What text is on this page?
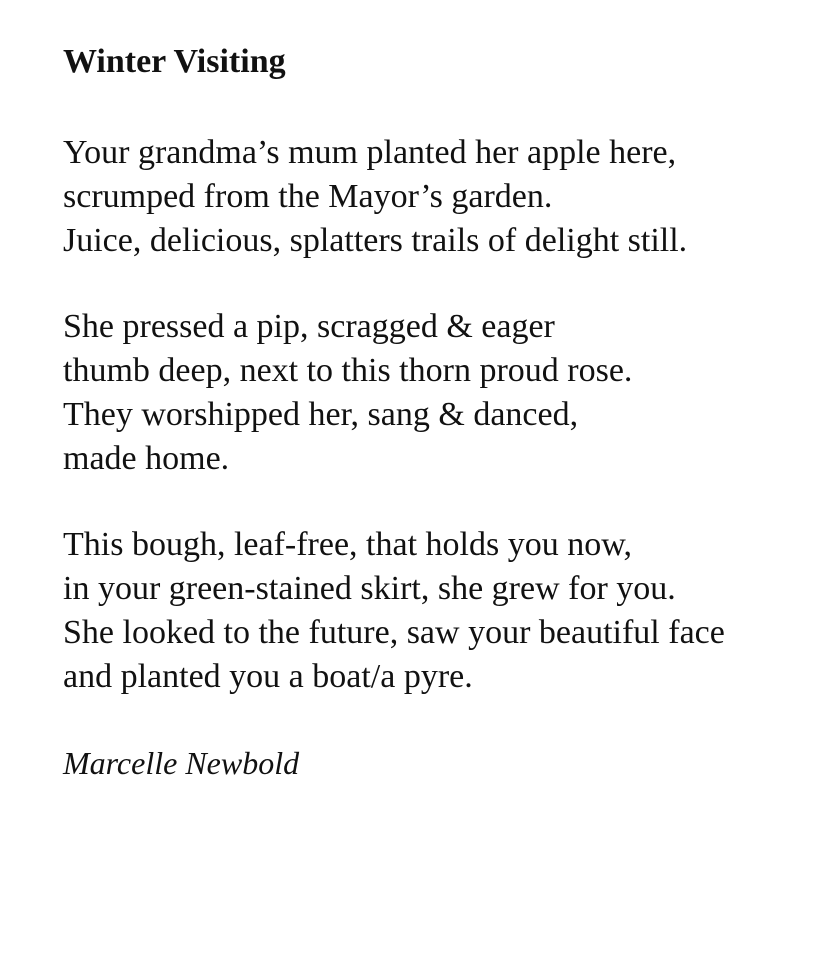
Winter Visiting
Your grandma’s mum planted her apple here,
scrumped from the Mayor’s garden.
Juice, delicious, splatters trails of delight still.
She pressed a pip, scragged & eager
thumb deep, next to this thorn proud rose.
They worshipped her, sang & danced,
made home.
This bough, leaf-free, that holds you now,
in your green-stained skirt, she grew for you.
She looked to the future, saw your beautiful face
and planted you a boat/a pyre.
Marcelle Newbold
